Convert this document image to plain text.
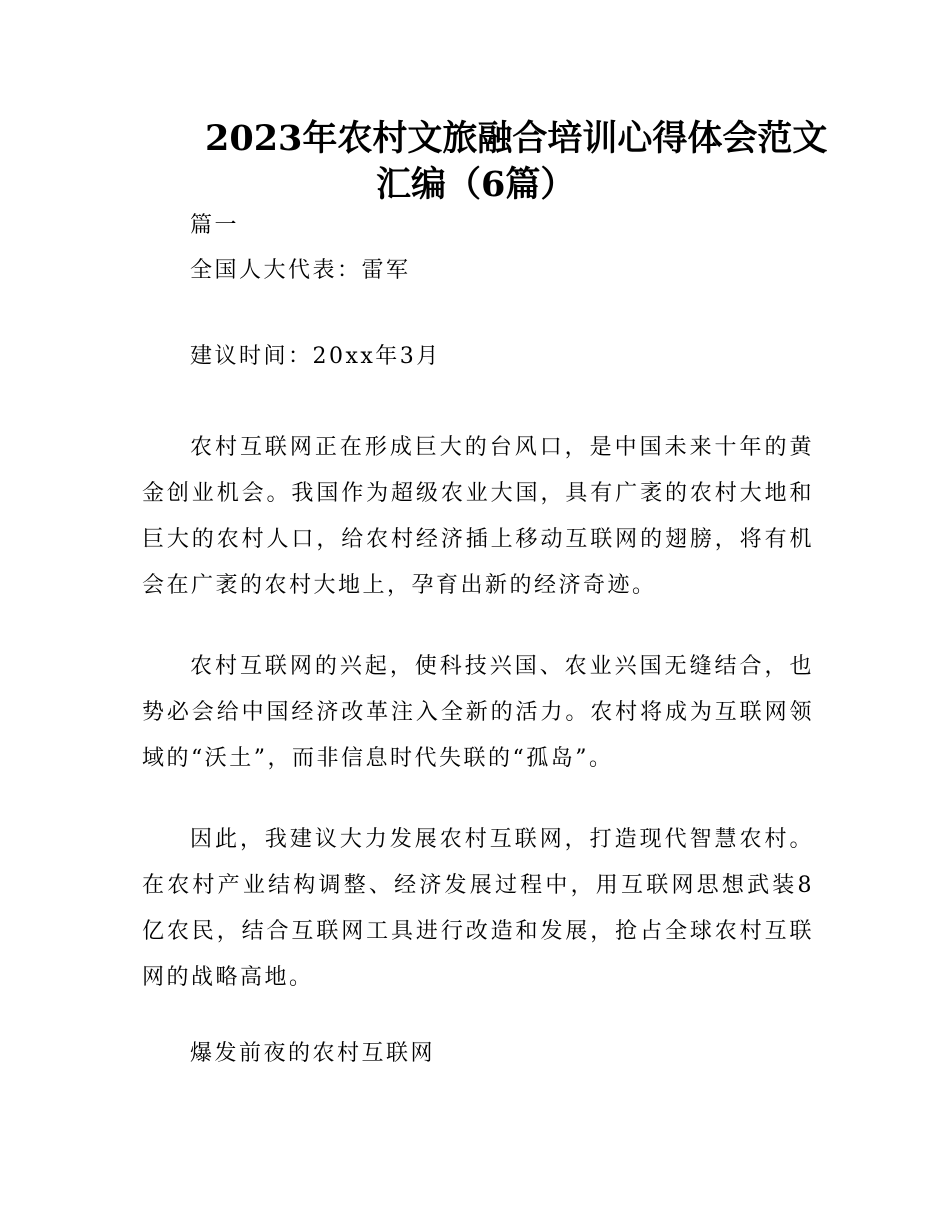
2023年农村文旅融合培训心得体会范文
汇编（6篇）
篇一
全国人大代表：雷军
建议时间：20xx年3月
农村互联网正在形成巨大的台风口，是中国未来十年的黄金创业机会。我国作为超级农业大国，具有广袤的农村大地和巨大的农村人口，给农村经济插上移动互联网的翅膀，将有机会在广袤的农村大地上，孕育出新的经济奇迹。
农村互联网的兴起，使科技兴国、农业兴国无缝结合，也势必会给中国经济改革注入全新的活力。农村将成为互联网领域的“沃土”，而非信息时代失联的“孤岛”。
因此，我建议大力发展农村互联网，打造现代智慧农村。在农村产业结构调整、经济发展过程中，用互联网思想武装8亿农民，结合互联网工具进行改造和发展，抢占全球农村互联网的战略高地。
爆发前夜的农村互联网
